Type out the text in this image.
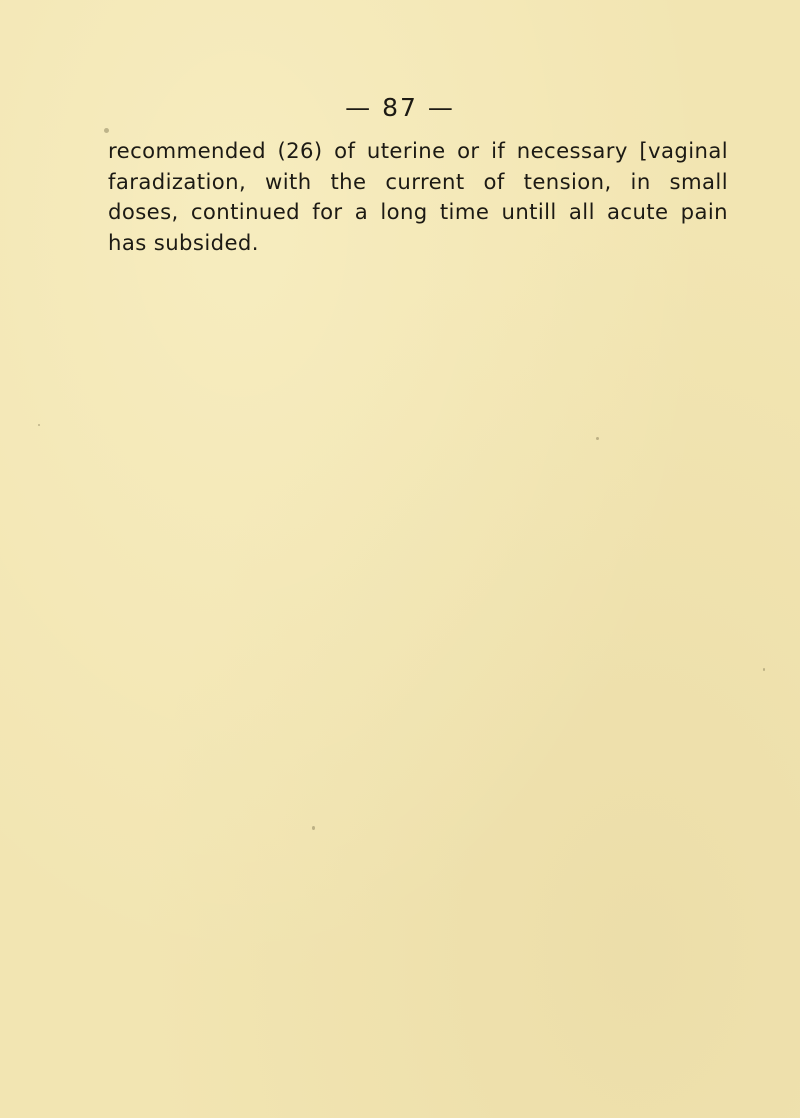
— 87 —

recommended (26) of uterine or if necessary [vaginal
faradization, with the current of tension, in small
doses, continued for a long time untill all acute pain
has subsided.
